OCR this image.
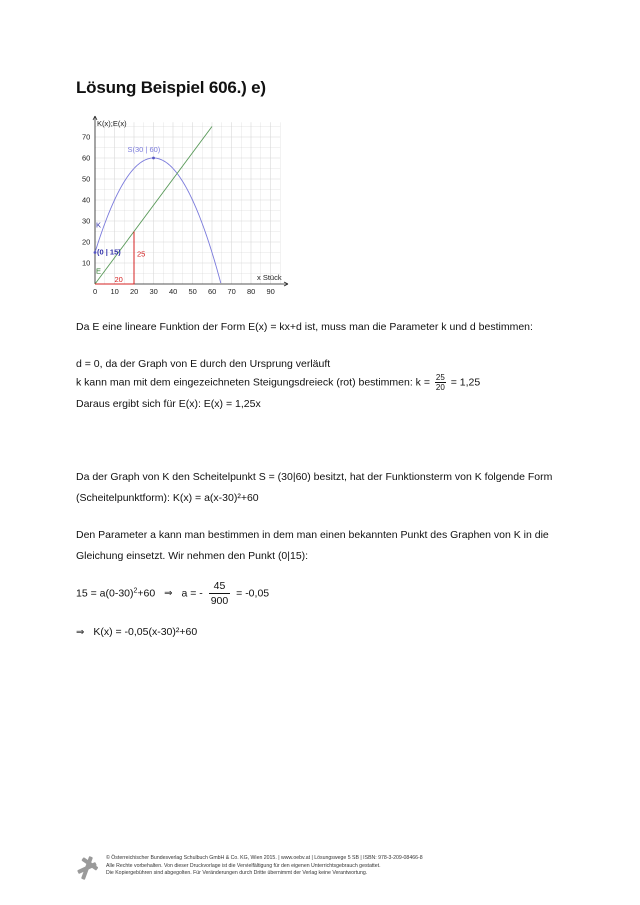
Lösung Beispiel 606.) e)
0 10 20 30 40 50 60 70 80 90
10
20
30
40
50
60
70
K(x);E(x)
x Stück
S(30 | 60)
(0 | 15)
K
E
20
25
Da E eine lineare Funktion der Form E(x) = kx+d ist, muss man die Parameter k und d bestimmen:
d = 0, da der Graph von E durch den Ursprung verläuft
k kann man mit dem eingezeichneten Steigungsdreieck (rot) bestimmen: $k = \frac{25}{20} = 1,25$
Daraus ergibt sich für E(x): E(x) = 1,25x
Da der Graph von K den Scheitelpunkt S = (30|60) besitzt, hat der Funktionsterm von K folgende Form
(Scheitelpunktform): K(x) = a(x-30)²+60
Den Parameter a kann man bestimmen in dem man einen bekannten Punkt des Graphen von K in die
Gleichung einsetzt. Wir nehmen den Punkt (0|15):
$15 = a(0-30)^2+60$ ⇒ a = - $\frac{45}{900} = -0,05$
⇒ K(x) = -0,05(x-30)²+60
© Österreichischer Bundesverlag Schulbuch GmbH & Co. KG, Wien 2015. | www.oebv.at | Lösungswege 5 SB | ISBN: 978-3-209-08466-8
Alle Rechte vorbehalten. Von dieser Druckvorlage ist die Vervielfältigung für den eigenen Unterrichtsgebrauch gestattet.
Die Kopiergebühren sind abgegolten. Für Veränderungen durch Dritte übernimmt der Verlag keine Verantwortung.
